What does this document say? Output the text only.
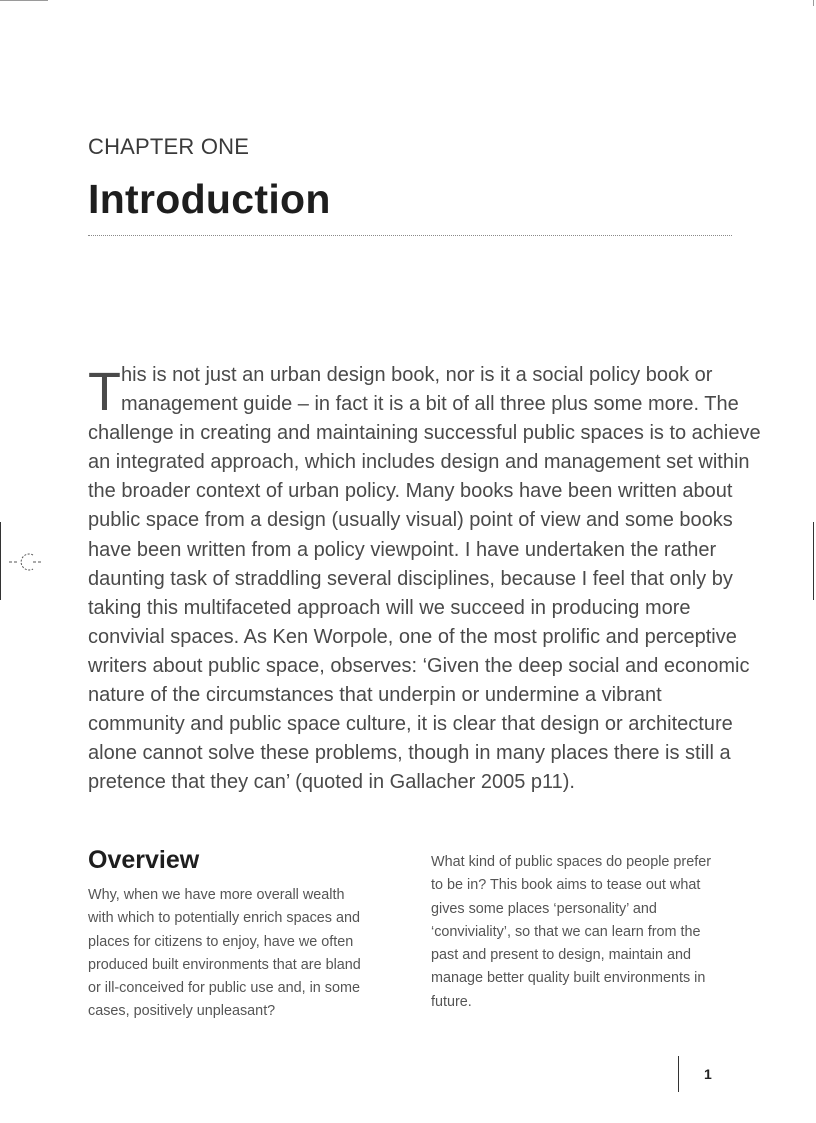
CHAPTER ONE
Introduction
T his is not just an urban design book, nor is it a social policy book or
management guide – in fact it is a bit of all three plus some more. The
challenge in creating and maintaining successful public spaces is to achieve
an integrated approach, which includes design and management set within
the broader context of urban policy. Many books have been written about
public space from a design (usually visual) point of view and some books
have been written from a policy viewpoint. I have undertaken the rather
daunting task of straddling several disciplines, because I feel that only by
taking this multifaceted approach will we succeed in producing more
convivial spaces. As Ken Worpole, one of the most prolific and perceptive
writers about public space, observes: ‘Given the deep social and economic
nature of the circumstances that underpin or undermine a vibrant
community and public space culture, it is clear that design or architecture
alone cannot solve these problems, though in many places there is still a
pretence that they can’ (quoted in Gallacher 2005 p11).
Overview
Why, when we have more overall wealth
with which to potentially enrich spaces and
places for citizens to enjoy, have we often
produced built environments that are bland
or ill-conceived for public use and, in some
cases, positively unpleasant?
What kind of public spaces do people prefer
to be in? This book aims to tease out what
gives some places ‘personality’ and
‘conviviality’, so that we can learn from the
past and present to design, maintain and
manage better quality built environments in
future.
1
